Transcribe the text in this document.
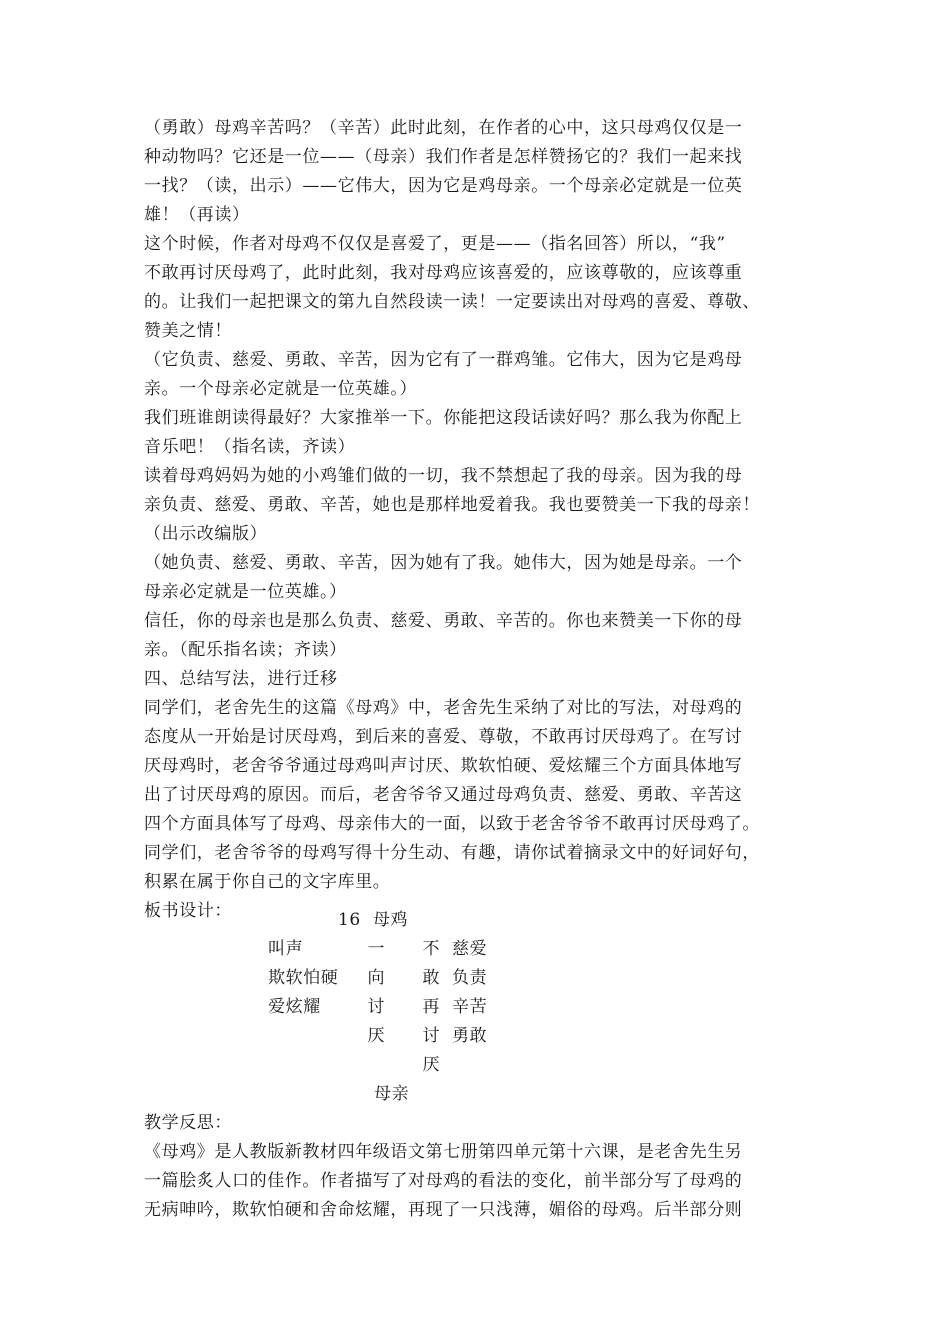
（勇敢）母鸡辛苦吗？（辛苦）此时此刻，在作者的心中，这只母鸡仅仅是一
种动物吗？它还是一位——（母亲）我们作者是怎样赞扬它的？我们一起来找
一找？（读，出示）——它伟大，因为它是鸡母亲。一个母亲必定就是一位英
雄！（再读）
这个时候，作者对母鸡不仅仅是喜爱了，更是——（指名回答）所以，“我”
不敢再讨厌母鸡了，此时此刻，我对母鸡应该喜爱的，应该尊敬的，应该尊重
的。让我们一起把课文的第九自然段读一读！一定要读出对母鸡的喜爱、尊敬、
赞美之情！
（它负责、慈爱、勇敢、辛苦，因为它有了一群鸡雏。它伟大，因为它是鸡母
亲。一个母亲必定就是一位英雄。）
我们班谁朗读得最好？大家推举一下。你能把这段话读好吗？那么我为你配上
音乐吧！（指名读，齐读）
读着母鸡妈妈为她的小鸡雏们做的一切，我不禁想起了我的母亲。因为我的母
亲负责、慈爱、勇敢、辛苦，她也是那样地爱着我。我也要赞美一下我的母亲！
（出示改编版）
（她负责、慈爱、勇敢、辛苦，因为她有了我。她伟大，因为她是母亲。一个
母亲必定就是一位英雄。）
信任，你的母亲也是那么负责、慈爱、勇敢、辛苦的。你也来赞美一下你的母
亲。（配乐指名读；齐读）
四、总结写法，进行迁移
同学们，老舍先生的这篇《母鸡》中，老舍先生采纳了对比的写法，对母鸡的
态度从一开始是讨厌母鸡，到后来的喜爱、尊敬，不敢再讨厌母鸡了。在写讨
厌母鸡时，老舍爷爷通过母鸡叫声讨厌、欺软怕硬、爱炫耀三个方面具体地写
出了讨厌母鸡的原因。而后，老舍爷爷又通过母鸡负责、慈爱、勇敢、辛苦这
四个方面具体写了母鸡、母亲伟大的一面，以致于老舍爷爷不敢再讨厌母鸡了。
同学们，老舍爷爷的母鸡写得十分生动、有趣，请你试着摘录文中的好词好句，
积累在属于你自己的文字库里。
板书设计：	16 母鸡
叫声
欺软怕硬
爱炫耀
一
向
讨
厌
不
敢
再
讨
厌
慈爱
负责
辛苦
勇敢
母亲
教学反思：
《母鸡》是人教版新教材四年级语文第七册第四单元第十六课，是老舍先生另
一篇脍炙人口的佳作。作者描写了对母鸡的看法的变化，前半部分写了母鸡的
无病呻吟，欺软怕硬和舍命炫耀，再现了一只浅薄，媚俗的母鸡。后半部分则
